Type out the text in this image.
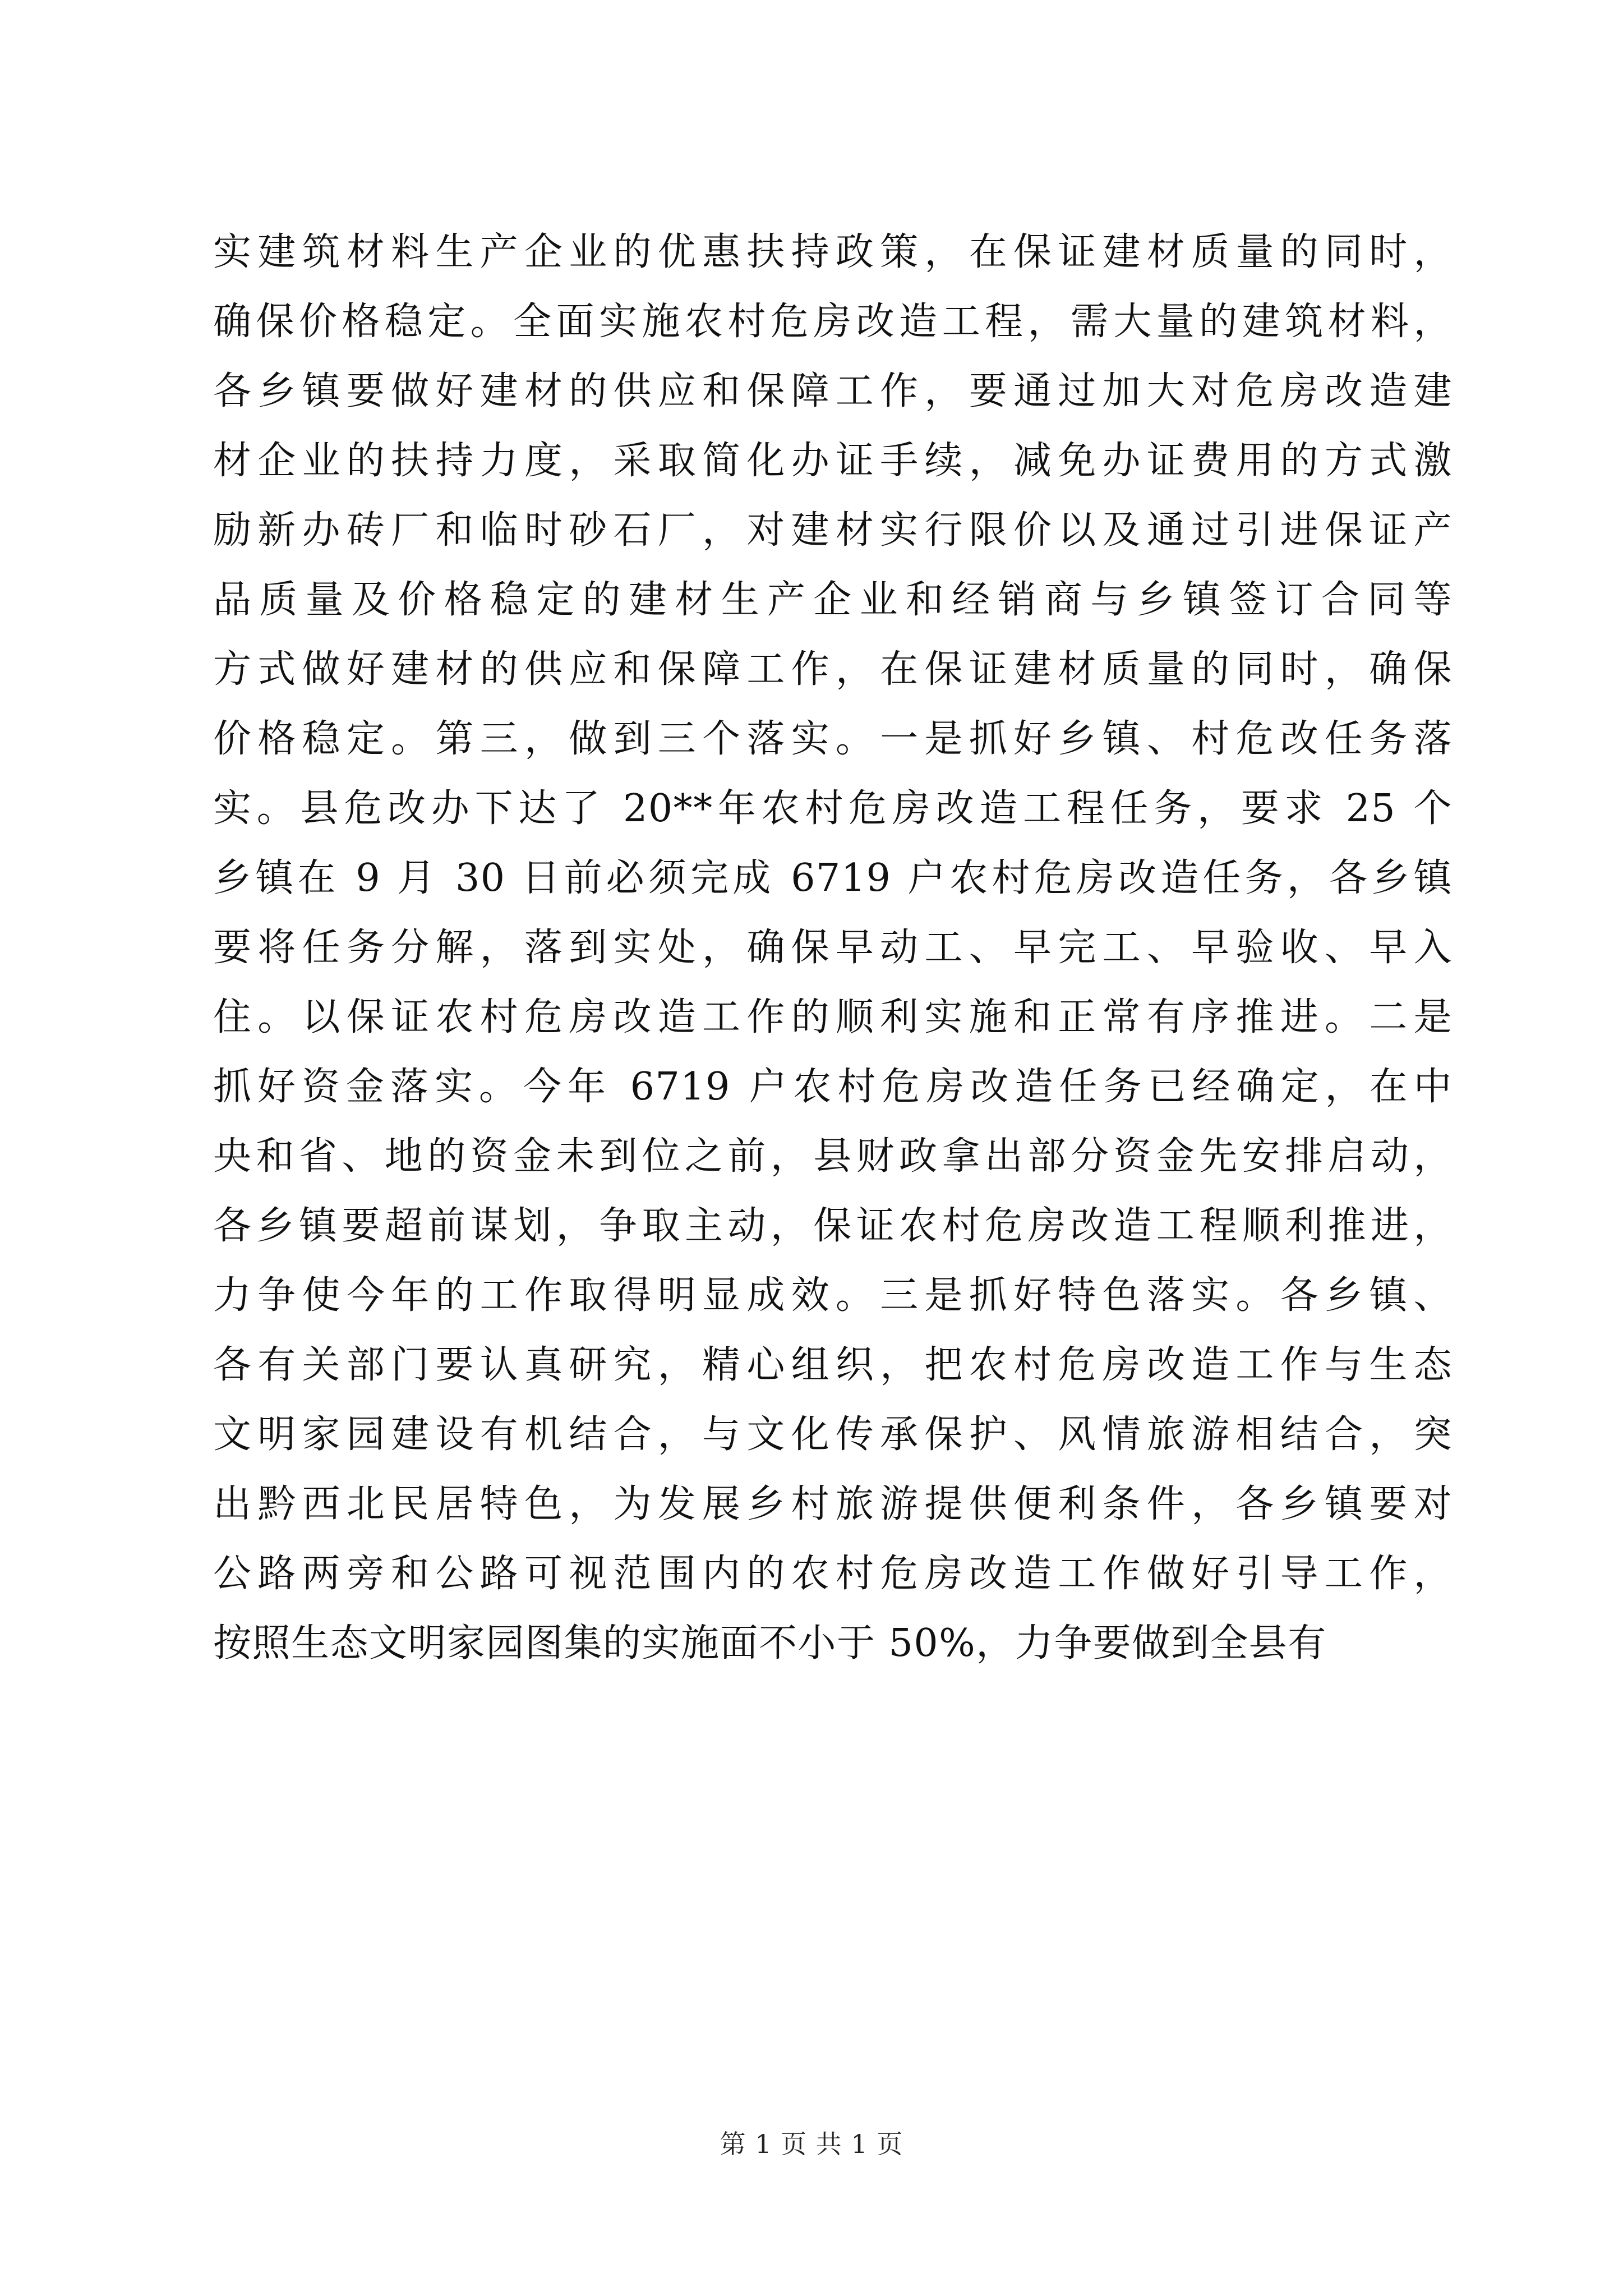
实建筑材料生产企业的优惠扶持政策，在保证建材质量的同时，
确保价格稳定。全面实施农村危房改造工程，需大量的建筑材料，
各乡镇要做好建材的供应和保障工作，要通过加大对危房改造建
材企业的扶持力度，采取简化办证手续，减免办证费用的方式激
励新办砖厂和临时砂石厂，对建材实行限价以及通过引进保证产
品质量及价格稳定的建材生产企业和经销商与乡镇签订合同等
方式做好建材的供应和保障工作，在保证建材质量的同时，确保
价格稳定。第三，做到三个落实。一是抓好乡镇、村危改任务落
实。县危改办下达了 20**年农村危房改造工程任务，要求 25 个
乡镇在 9 月 30 日前必须完成 6719 户农村危房改造任务，各乡镇
要将任务分解，落到实处，确保早动工、早完工、早验收、早入
住。以保证农村危房改造工作的顺利实施和正常有序推进。二是
抓好资金落实。今年 6719 户农村危房改造任务已经确定，在中
央和省、地的资金未到位之前，县财政拿出部分资金先安排启动，
各乡镇要超前谋划，争取主动，保证农村危房改造工程顺利推进，
力争使今年的工作取得明显成效。三是抓好特色落实。各乡镇、
各有关部门要认真研究，精心组织，把农村危房改造工作与生态
文明家园建设有机结合，与文化传承保护、风情旅游相结合，突
出黔西北民居特色，为发展乡村旅游提供便利条件，各乡镇要对
公路两旁和公路可视范围内的农村危房改造工作做好引导工作，
按照生态文明家园图集的实施面不小于 50%，力争要做到全县有
第 1 页 共 1 页
